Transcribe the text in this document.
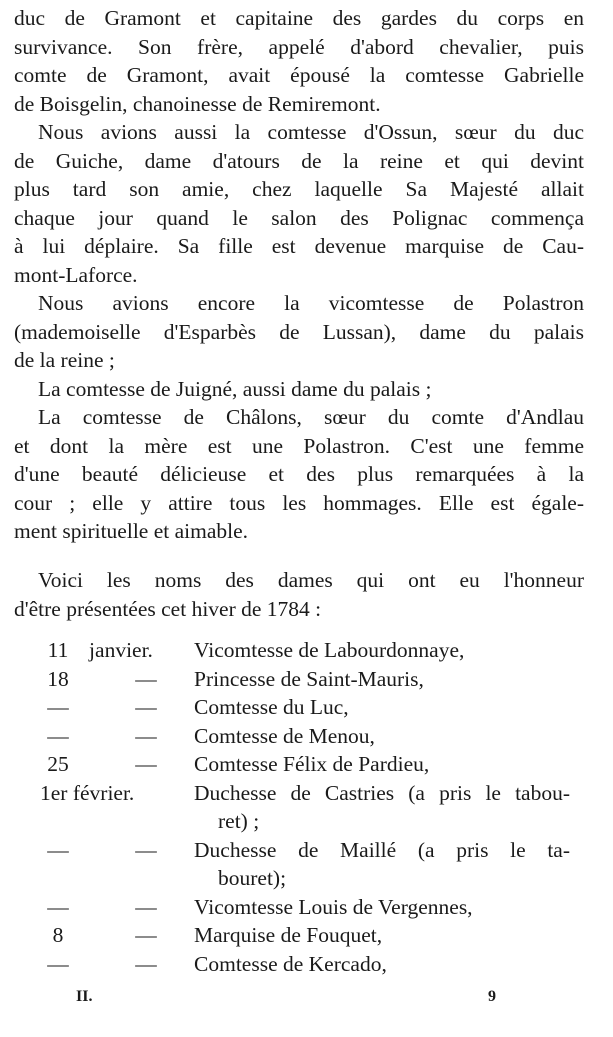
duc de Gramont et capitaine des gardes du corps en
survivance. Son frère, appelé d'abord chevalier, puis
comte de Gramont, avait épousé la comtesse Gabrielle
de Boisgelin, chanoinesse de Remiremont.

Nous avions aussi la comtesse d'Ossun, sœur du duc
de Guiche, dame d'atours de la reine et qui devint
plus tard son amie, chez laquelle Sa Majesté allait
chaque jour quand le salon des Polignac commença
à lui déplaire. Sa fille est devenue marquise de Cau-
mont-Laforce.

Nous avions encore la vicomtesse de Polastron
(mademoiselle d'Esparbès de Lussan), dame du palais
de la reine ;

La comtesse de Juigné, aussi dame du palais ;

La comtesse de Châlons, sœur du comte d'Andlau
et dont la mère est une Polastron. C'est une femme
d'une beauté délicieuse et des plus remarquées à la
cour ; elle y attire tous les hommages. Elle est égale-
ment spirituelle et aimable.

Voici les noms des dames qui ont eu l'honneur
d'être présentées cet hiver de 1784 :

11 janvier.	Vicomtesse de Labourdonnaye,
18	—	Princesse de Saint-Mauris,
—	—	Comtesse du Luc,
—	—	Comtesse de Menou,
25	—	Comtesse Félix de Pardieu,
1er février.	Duchesse de Castries (a pris le tabou-
ret) ;
—	—	Duchesse de Maillé (a pris le ta-
bouret);
—	—	Vicomtesse Louis de Vergennes,
8	—	Marquise de Fouquet,
—	—	Comtesse de Kercado,
II.	9
